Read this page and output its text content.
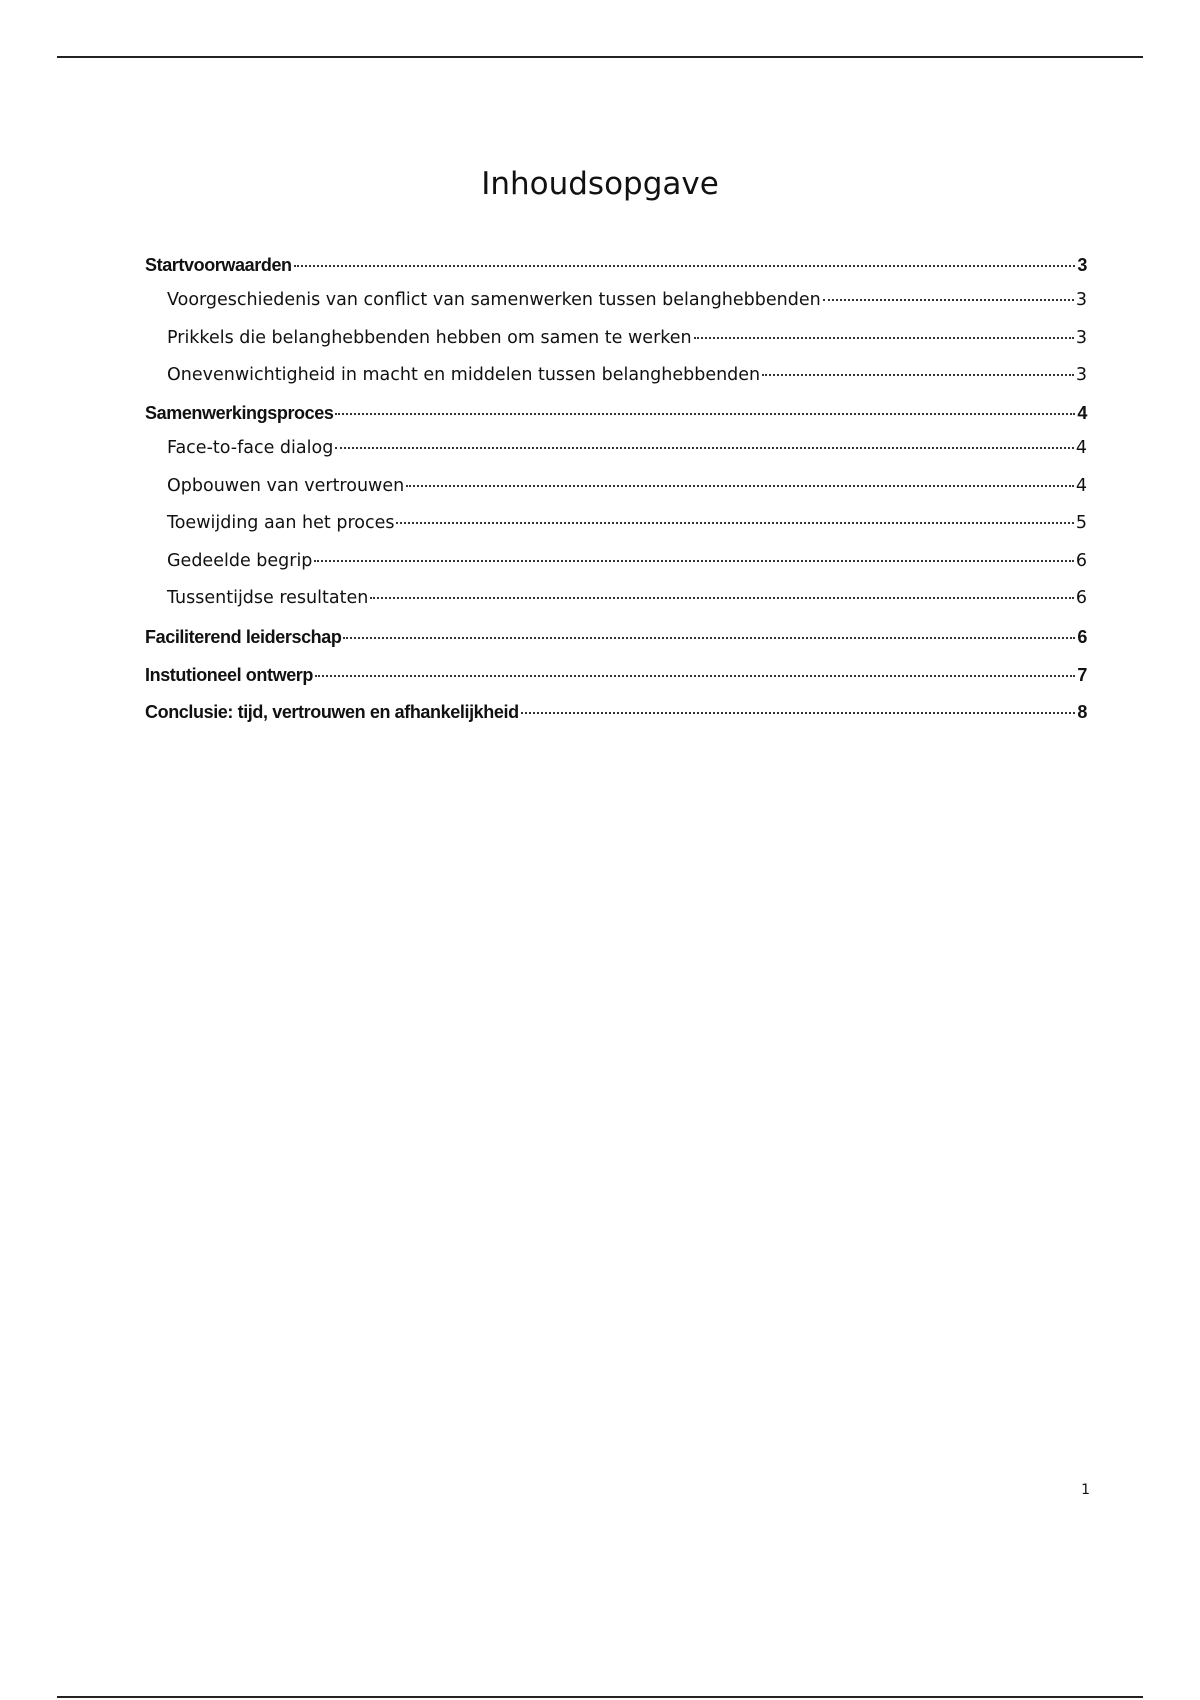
Inhoudsopgave
Startvoorwaarden	3
Voorgeschiedenis van conflict van samenwerken tussen belanghebbenden	3
Prikkels die belanghebbenden hebben om samen te werken	3
Onevenwichtigheid in macht en middelen tussen belanghebbenden	3
Samenwerkingsproces	4
Face-to-face dialog	4
Opbouwen van vertrouwen	4
Toewijding aan het proces	5
Gedeelde begrip	6
Tussentijdse resultaten	6
Faciliterend leiderschap	6
Instutioneel ontwerp	7
Conclusie: tijd, vertrouwen en afhankelijkheid	8
1
